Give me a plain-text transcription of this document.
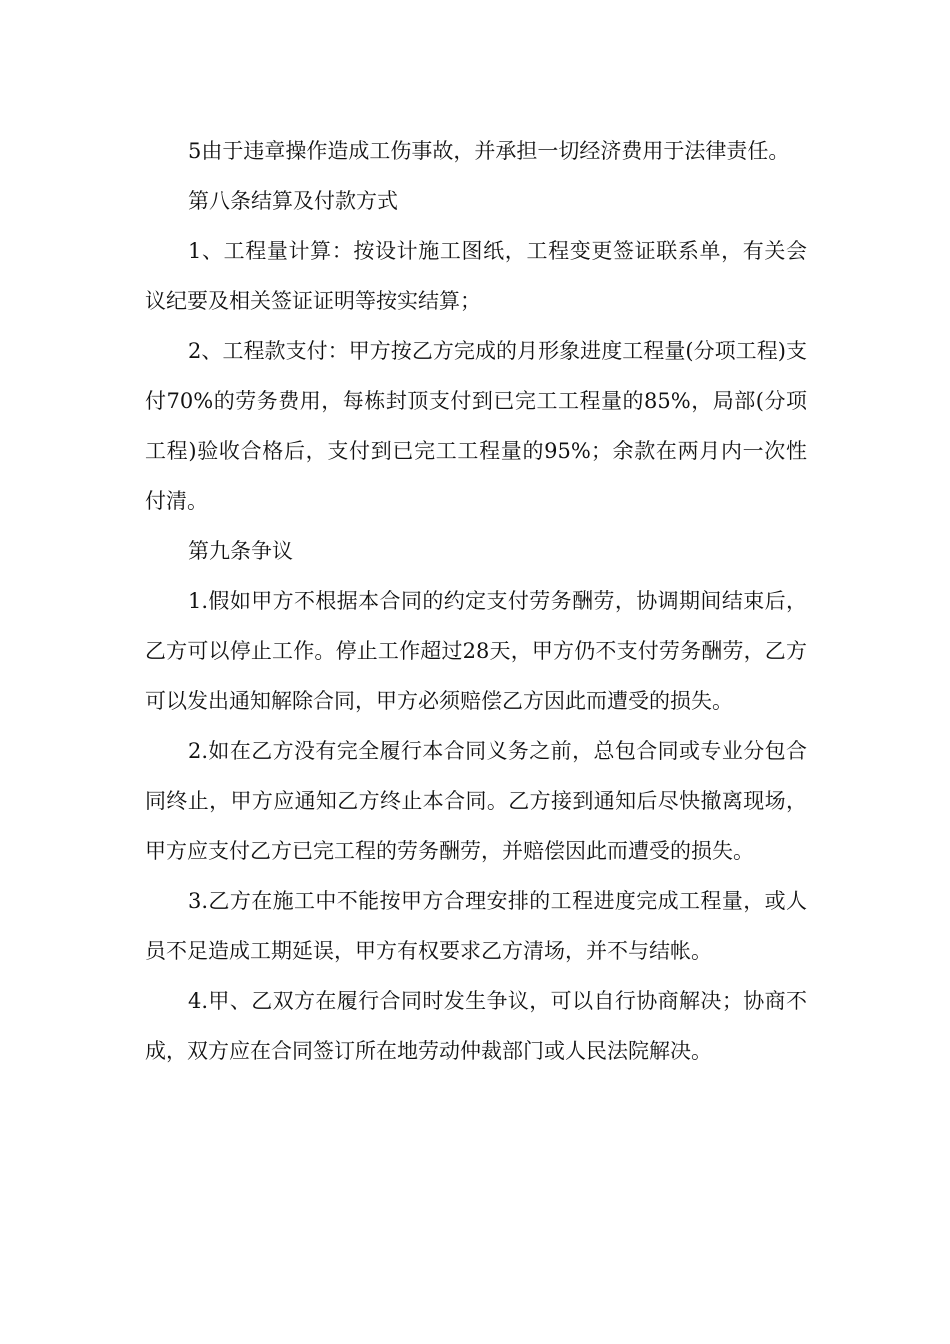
5由于违章操作造成工伤事故，并承担一切经济费用于法律责任。

第八条结算及付款方式

1、工程量计算：按设计施工图纸，工程变更签证联系单，有关会议纪要及相关签证证明等按实结算；

2、工程款支付：甲方按乙方完成的月形象进度工程量(分项工程)支付70%的劳务费用，每栋封顶支付到已完工工程量的85%，局部(分项工程)验收合格后，支付到已完工工程量的95%；余款在两月内一次性付清。

第九条争议

1.假如甲方不根据本合同的约定支付劳务酬劳，协调期间结束后，乙方可以停止工作。停止工作超过28天，甲方仍不支付劳务酬劳，乙方可以发出通知解除合同，甲方必须赔偿乙方因此而遭受的损失。

2.如在乙方没有完全履行本合同义务之前，总包合同或专业分包合同终止，甲方应通知乙方终止本合同。乙方接到通知后尽快撤离现场，甲方应支付乙方已完工程的劳务酬劳，并赔偿因此而遭受的损失。

3.乙方在施工中不能按甲方合理安排的工程进度完成工程量，或人员不足造成工期延误，甲方有权要求乙方清场，并不与结帐。

4.甲、乙双方在履行合同时发生争议，可以自行协商解决；协商不成，双方应在合同签订所在地劳动仲裁部门或人民法院解决。
